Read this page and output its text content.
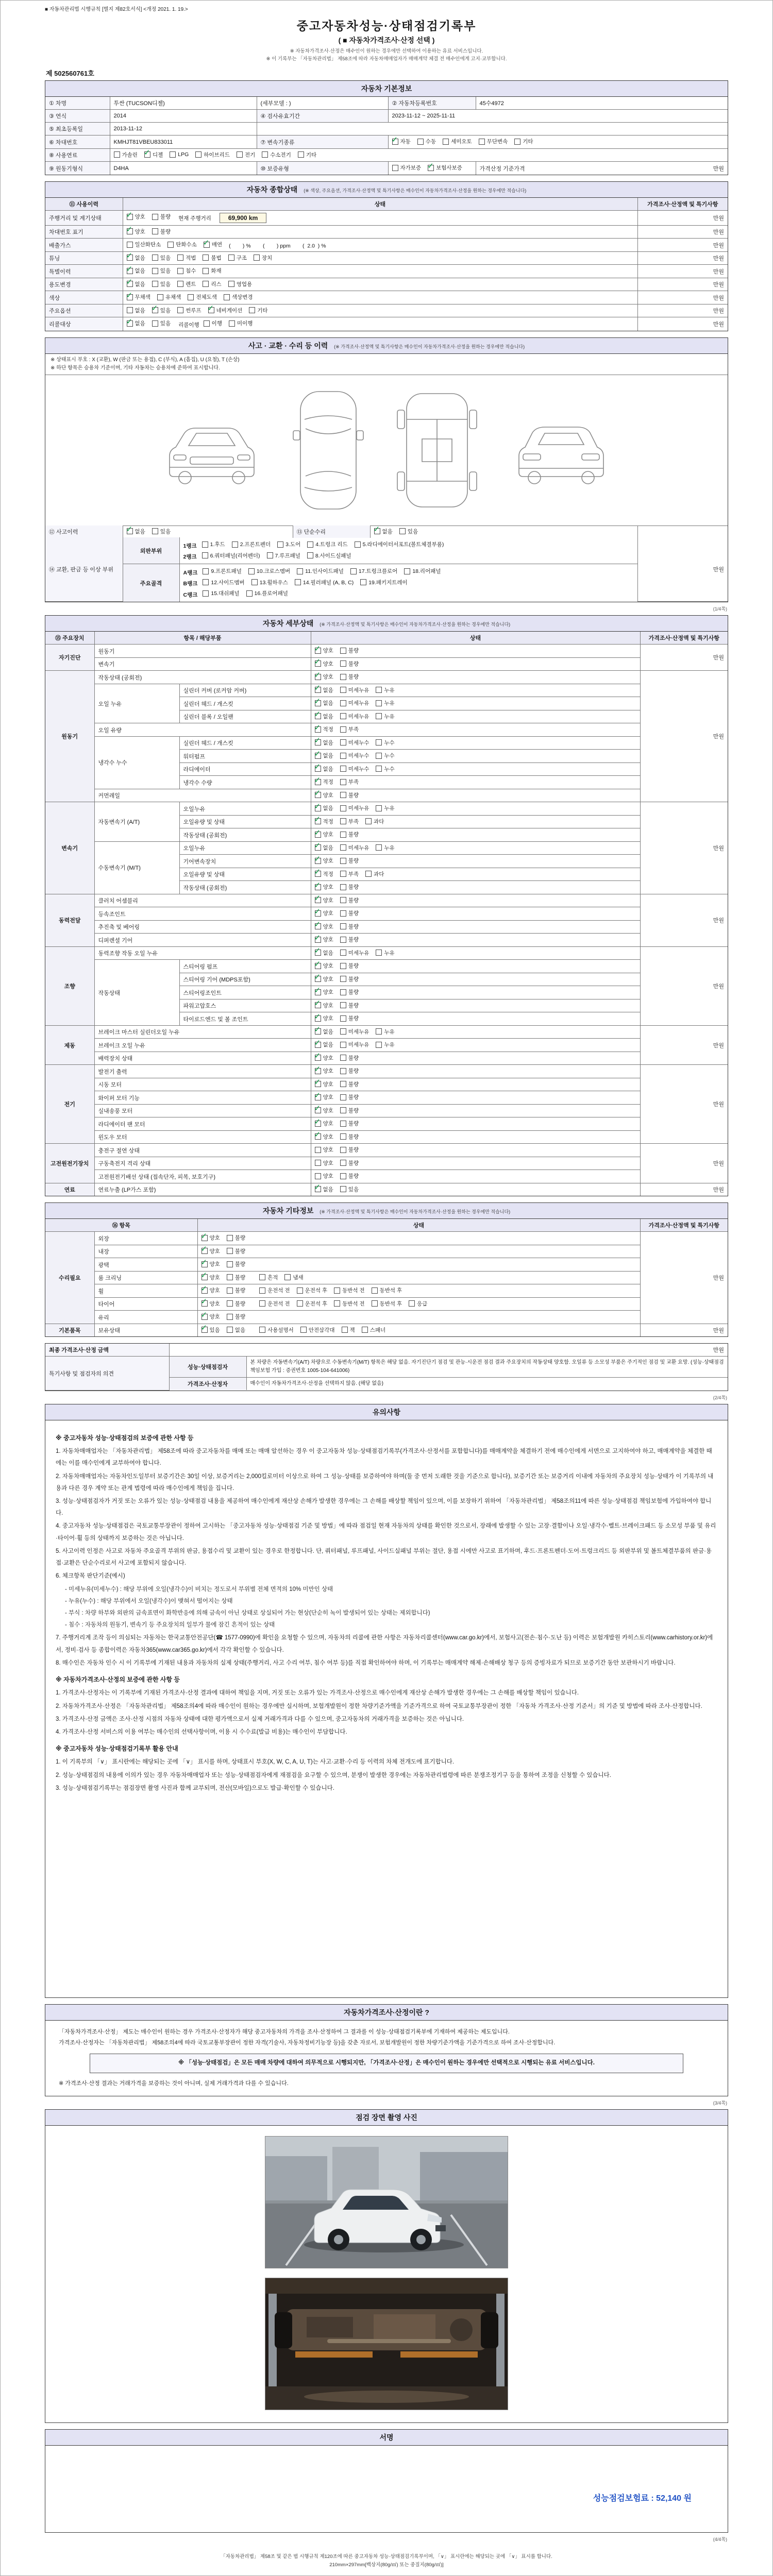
■ 자동차관리법 시행규칙 [별지 제82호서식] <개정 2021. 1. 19.>
중고자동차성능·상태점검기록부
( ■ 자동차가격조사·산정 선택 )
※ 자동차가격조사·산정은 매수인이 원하는 경우에만 선택하여 이용하는 유료 서비스입니다.
※ 이 기록부는 「자동차관리법」 제58조에 따라 자동차매매업자가 매매계약 체결 전 매수인에게 고지·교부합니다.
제 502560761호
자동차 기본정보
① 차명	투싼 (TUCSON디젤)	(세부모델 : )	② 자동차등록번호	45수4972
③ 연식	2014	④ 검사유효기간	2023-11-12 ~ 2025-11-11	
⑤ 최초등록일	2013-11-12			
⑥ 차대번호	KMHJT81VBEU833011	⑦ 변속기종류	
✓자동 수동 세미오토 무단변속 기타

⑧ 사용연료	가솔린 ✓	디젤	LPG	하이브리드	전기	수소전기	기타

⑨ 원동기형식	D4HA	⑩ 보증유형	자가보증 ✓ 보험사보증	가격산정 기준가격 만원
자동차 종합상태 (※ 색상, 주요옵션, 가격조사·산정액 및 특기사항은 매수인이 자동차가격조사·산정을 원하는 경우에만 적습니다)
⑪ 사용이력	상태	가격조사·산정액 및 특기사항
주행거리 및 계기상태	
✓양호 불량 현재 주행거리 69,900 km	만원
차대번호 표기	
✓양호 불량	만원
배출가스	일산화탄소 탄화수소 ✓ 매연 (        ) %        (        ) ppm        (  2.0  ) %	만원
튜닝	
✓없음	있음	적법	불법	구조	장치	만원
특별이력	
✓없음 있음 침수 화재	만원
용도변경	
✓없음 있음 렌트 리스 영업용	만원
색상	
✓무채색 유채색 전체도색 색상변경	만원
주요옵션	없음 ✓ 있음 썬루프 ✓ 네비게이션 기타	만원
리콜대상	
✓없음 있음 리콜이행 이행 미이행	만원
사고 · 교환 · 수리 등 이력 (※ 가격조사·산정액 및 특기사항은 매수인이 자동차가격조사·산정을 원하는 경우에만 적습니다)
※ 상태표시 부호 : X (교환), W (판금 또는 용접), C (부식), A (흠집), U (요철), T (손상)
※ 하단 항목은 승용차 기준이며, 기타 자동차는 승용차에 준하여 표시합니다.
⑫ 사고이력	
✓없음	있음	⑬ 단순수리	
✓없음	있음

⑭ 교환, 판금 등 이상 부위	외판부위	
1랭크 1.후드	2.프론트펜더	3.도어	4.트렁크 리드	5.라디에이터서포트(볼트체결부품)
2랭크 6.쿼터패널(리어펜더)	7.루프패널	8.사이드실패널
	만원
주요골격	
A랭크 9.프론트패널	10.크로스멤버	11.인사이드패널	17.트렁크플로어	18.리어패널
B랭크 12.사이드멤버	13.휠하우스	14.필러패널 (A, B, C)	19.패키지트레이
C랭크 15.대쉬패널	16.플로어패널
(1/4쪽)
자동차 세부상태 (※ 가격조사·산정액 및 특기사항은 매수인이 자동차가격조사·산정을 원하는 경우에만 적습니다)
⑮ 주요장치	항목 / 해당부품		상태	가격조사·산정액 및 특기사항
자기진단	원동기	
✓양호 불량	만원
	변속기	
✓양호 불량

원동기	작동상태 (공회전)	
✓양호 불량	만원
	오일 누유	실린더 커버 (로커암 커버)	
✓없음 미세누유 누유

		실린더 헤드 / 개스킷	
✓없음 미세누유 누유

		실린더 블록 / 오일팬	
✓없음 미세누유 누유

	오일 유량	
✓적정 부족

	냉각수 누수	실린더 헤드 / 개스킷	
✓없음 미세누수 누수

		워터펌프	
✓없음 미세누수 누수

		라디에이터	
✓없음 미세누수 누수

		냉각수 수량	
✓적정 부족

	커먼레일	
✓양호 불량

변속기	자동변속기 (A/T)	오일누유	
✓없음 미세누유 누유	만원
		오일유량 및 상태	
✓적정 부족 과다

		작동상태 (공회전)	
✓양호 불량

	수동변속기 (M/T)	오일누유	
✓없음 미세누유 누유

		기어변속장치	
✓양호 불량

		오일유량 및 상태	
✓적정 부족 과다

		작동상태 (공회전)	
✓양호 불량

동력전달	클러치 어셈블리	
✓양호 불량	만원
	등속조인트	
✓양호 불량

	추진축 및 베어링	
✓양호 불량

	디퍼렌셜 기어	
✓양호 불량

조향	동력조향 작동 오일 누유	
✓없음 미세누유 누유	만원
	작동상태	스티어링 펌프	
✓양호 불량

		스티어링 기어 (MDPS포함)	
✓양호 불량

		스티어링조인트	
✓양호 불량

		파워고압호스	
✓양호 불량

		타이로드엔드 및 볼 조인트	
✓양호 불량

제동	브레이크 마스터 실린더오일 누유	
✓없음 미세누유 누유	만원
	브레이크 오일 누유	
✓없음 미세누유 누유

	배력장치 상태	
✓양호 불량

전기	발전기 출력	
✓양호 불량	만원
	시동 모터	
✓양호 불량

	와이퍼 모터 기능	
✓양호 불량

	실내송풍 모터	
✓양호 불량

	라디에이터 팬 모터	
✓양호 불량

	윈도우 모터	
✓양호 불량

고전원전기장치	충전구 절연 상태		양호 불량	만원
	구동축전지 격리 상태		양호 불량	

	고전원전기배선 상태 (접속단자, 피복, 보호기구)		양호 불량	

연료	연료누출 (LP가스 포함)	
✓없음 있음	만원
자동차 기타정보 (※ 가격조사·산정액 및 특기사항은 매수인이 자동차가격조사·산정을 원하는 경우에만 적습니다)
⑯ 항목		상태	가격조사·산정액 및 특기사항
수리필요	외장	
✓양호 불량	만원
	내장	
✓양호 불량

	광택	
✓양호 불량

	룸 크리닝	
✓양호 불량 흔적 냄새

휠	
✓양호	불량	운전석 전	운전석 후	동반석 전	동반석 후

타이어	
✓양호	불량	운전석 전	운전석 후	동반석 전	동반석 후	응급

	유리	
✓양호 불량

기본품목	보유상태	
✓있음	없음	사용설명서	안전삼각대	잭	스패너	만원
최종 가격조사·산정 금액	만원	

특기사항 및 점검자의 의견	성능·상태점검자	본 차량은 자동변속기(A/T) 차량으로 수동변속기(M/T) 항목은 해당 없음. 자기진단기 점검 및 관능·시운전 점검 결과 주요장치의 작동상태 양호함. 오일류 등 소모성 부품은 주기적인 점검 및 교환 요망. (성능·상태점검 책임보험 가입 : 증권번호 1005-104-641006)
	가격조사·산정자	매수인이 자동차가격조사·산정을 선택하지 않음. (해당 없음)
(2/4쪽)
유의사항
※ 중고자동차 성능·상태점검의 보증에 관한 사항 등
1. 자동차매매업자는 「자동차관리법」 제58조에 따라 중고자동차를 매매 또는 매매 알선하는 경우 이 중고자동차 성능·상태점검기록부(가격조사·산정서를 포함합니다)를 매매계약을 체결하기 전에 매수인에게 서면으로 고지하여야 하고, 매매계약을 체결한 때에는 이를 매수인에게 교부하여야 합니다.
2. 자동차매매업자는 자동차인도일부터 보증기간은 30일 이상, 보증거리는 2,000킬로미터 이상으로 하여 그 성능·상태를 보증하여야 하며(둘 중 먼저 도래한 것을 기준으로 합니다), 보증기간 또는 보증거리 이내에 자동차의 주요장치 성능·상태가 이 기록부의 내용과 다른 경우 계약 또는 관계 법령에 따라 매수인에게 책임을 집니다.
3. 성능·상태점검자가 거짓 또는 오류가 있는 성능·상태점검 내용을 제공하여 매수인에게 재산상 손해가 발생한 경우에는 그 손해를 배상할 책임이 있으며, 이를 보장하기 위하여 「자동차관리법」 제58조의11에 따른 성능·상태점검 책임보험에 가입하여야 합니다.
4. 중고자동차 성능·상태점검은 국토교통부장관이 정하여 고시하는 「중고자동차 성능·상태점검 기준 및 방법」에 따라 점검일 현재 자동차의 상태를 확인한 것으로서, 장래에 발생할 수 있는 고장·결함이나 오일·냉각수·벨트·브레이크패드 등 소모성 부품 및 유리·타이어·휠 등의 상태까지 보증하는 것은 아닙니다.
5. 사고이력 인정은 사고로 자동차 주요골격 부위의 판금, 용접수리 및 교환이 있는 경우로 한정합니다. 단, 쿼터패널, 루프패널, 사이드실패널 부위는 절단, 용접 시에만 사고로 표기하며, 후드·프론트펜더·도어·트렁크리드 등 외판부위 및 볼트체결부품의 판금·용접·교환은 단순수리로서 사고에 포함되지 않습니다.
6. 체크항목 판단기준(예시)
- 미세누유(미세누수) : 해당 부위에 오일(냉각수)이 비치는 정도로서 부위별 전체 면적의 10% 미만인 상태
- 누유(누수) : 해당 부위에서 오일(냉각수)이 맺혀서 떨어지는 상태
- 부식 : 차량 하부와 외판의 금속표면이 화학반응에 의해 금속이 아닌 상태로 상실되어 가는 현상(단순히 녹이 발생되어 있는 상태는 제외합니다)
- 침수 : 자동차의 원동기, 변속기 등 주요장치의 일부가 물에 잠긴 흔적이 있는 상태
7. 주행거리계 조작 등이 의심되는 자동차는 한국교통안전공단(☎ 1577-0990)에 확인을 요청할 수 있으며, 자동차의 리콜에 관한 사항은 자동차리콜센터(www.car.go.kr)에서, 보험사고(전손·침수·도난 등) 이력은 보험개발원 카히스토리(www.carhistory.or.kr)에서, 정비·검사 등 종합이력은 자동차365(www.car365.go.kr)에서 각각 확인할 수 있습니다.
8. 매수인은 자동차 인수 시 이 기록부에 기재된 내용과 자동차의 실제 상태(주행거리, 사고 수리 여부, 침수 여부 등)를 직접 확인하여야 하며, 이 기록부는 매매계약 해제·손해배상 청구 등의 증빙자료가 되므로 보증기간 동안 보관하시기 바랍니다.
※ 자동차가격조사·산정의 보증에 관한 사항 등
1. 가격조사·산정자는 이 기록부에 기재된 가격조사·산정 결과에 대하여 책임을 지며, 거짓 또는 오류가 있는 가격조사·산정으로 매수인에게 재산상 손해가 발생한 경우에는 그 손해를 배상할 책임이 있습니다.
2. 자동차가격조사·산정은 「자동차관리법」 제58조의4에 따라 매수인이 원하는 경우에만 실시하며, 보험개발원이 정한 차량기준가액을 기준가격으로 하여 국토교통부장관이 정한 「자동차 가격조사·산정 기준서」의 기준 및 방법에 따라 조사·산정합니다.
3. 가격조사·산정 금액은 조사·산정 시점의 자동차 상태에 대한 평가액으로서 실제 거래가격과 다를 수 있으며, 중고자동차의 거래가격을 보증하는 것은 아닙니다.
4. 가격조사·산정 서비스의 이용 여부는 매수인의 선택사항이며, 이용 시 수수료(발급 비용)는 매수인이 부담합니다.
※ 중고자동차 성능·상태점검기록부 활용 안내
1. 이 기록부의 「∨」 표시란에는 해당되는 곳에 「∨」 표시를 하며, 상태표시 부호(X, W, C, A, U, T)는 사고·교환·수리 등 이력의 차체 전개도에 표기합니다.
2. 성능·상태점검의 내용에 이의가 있는 경우 자동차매매업자 또는 성능·상태점검자에게 재점검을 요구할 수 있으며, 분쟁이 발생한 경우에는 자동차관리법령에 따른 분쟁조정기구 등을 통하여 조정을 신청할 수 있습니다.
3. 성능·상태점검기록부는 점검장면 촬영 사진과 함께 교부되며, 전산(모바일)으로도 발급·확인할 수 있습니다.
자동차가격조사·산정이란 ?
「자동차가격조사·산정」 제도는 매수인이 원하는 경우 가격조사·산정자가 해당 중고자동차의 가격을 조사·산정하여 그 결과를 이 성능·상태점검기록부에 기재하여 제공하는 제도입니다.
가격조사·산정자는 「자동차관리법」 제58조의4에 따라 국토교통부장관이 정한 자격(기술사, 자동차정비기능장 등)을 갖춘 자로서, 보험개발원이 정한 차량기준가액을 기준가격으로 하여 조사·산정합니다.
※ 「성능·상태점검」은 모든 매매 차량에 대하여 의무적으로 시행되지만, 「가격조사·산정」은 매수인이 원하는 경우에만 선택적으로 시행되는 유료 서비스입니다.
※ 가격조사·산정 결과는 거래가격을 보증하는 것이 아니며, 실제 거래가격과 다를 수 있습니다.
(3/4쪽)
점검 장면 촬영 사진
서명
성능점검보험료 : 52,140 원
(4/4쪽)
「자동차관리법」 제58조 및 같은 법 시행규칙 제120조에 따른 중고자동차 성능·상태점검기록부이며, 「∨」 표시란에는 해당되는 곳에 「∨」 표시를 합니다.
210mm×297mm[백상지(80g/㎡) 또는 중질지(80g/㎡)]
